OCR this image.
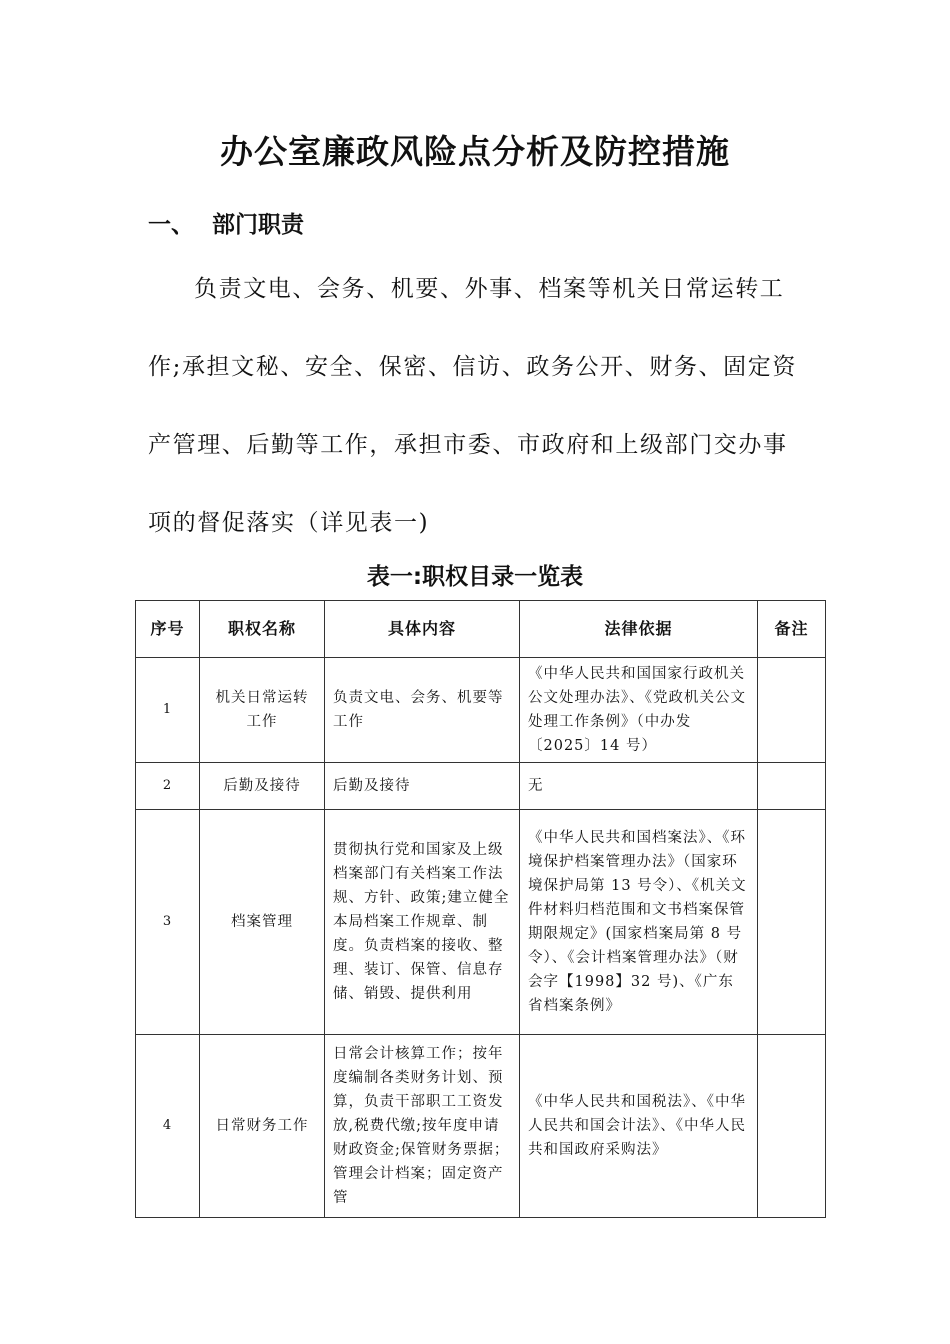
办公室廉政风险点分析及防控措施
一、 部门职责

负责文电、会务、机要、外事、档案等机关日常运转工作;承担文秘、安全、保密、信访、政务公开、财务、固定资产管理、后勤等工作，承担市委、市政府和上级部门交办事项的督促落实（详见表一)

表一:职权目录一览表
序号	职权名称	具体内容	法律依据	备注
1	机关日常运转工作	负责文电、会务、机要等工作	《中华人民共和国国家行政机关公文处理办法》、《党政机关公文处理工作条例》（中办发〔2025〕14 号）	
2	后勤及接待	后勤及接待	无	
3	档案管理	贯彻执行党和国家及上级档案部门有关档案工作法规、方针、政策;建立健全本局档案工作规章、制度。负责档案的接收、整理、装订、保管、信息存储、销毁、提供利用	《中华人民共和国档案法》、《环境保护档案管理办法》（国家环境保护局第 13 号令）、《机关文件材料归档范围和文书档案保管期限规定》(国家档案局第 8 号令）、《会计档案管理办法》（财会字【1998】32 号)、《广东省档案条例》	
4	日常财务工作	日常会计核算工作；按年度编制各类财务计划、预算，负责干部职工工资发放,税费代缴;按年度申请财政资金;保管财务票据；管理会计档案；固定资产管	《中华人民共和国税法》、《中华人民共和国会计法》、《中华人民共和国政府采购法》	
